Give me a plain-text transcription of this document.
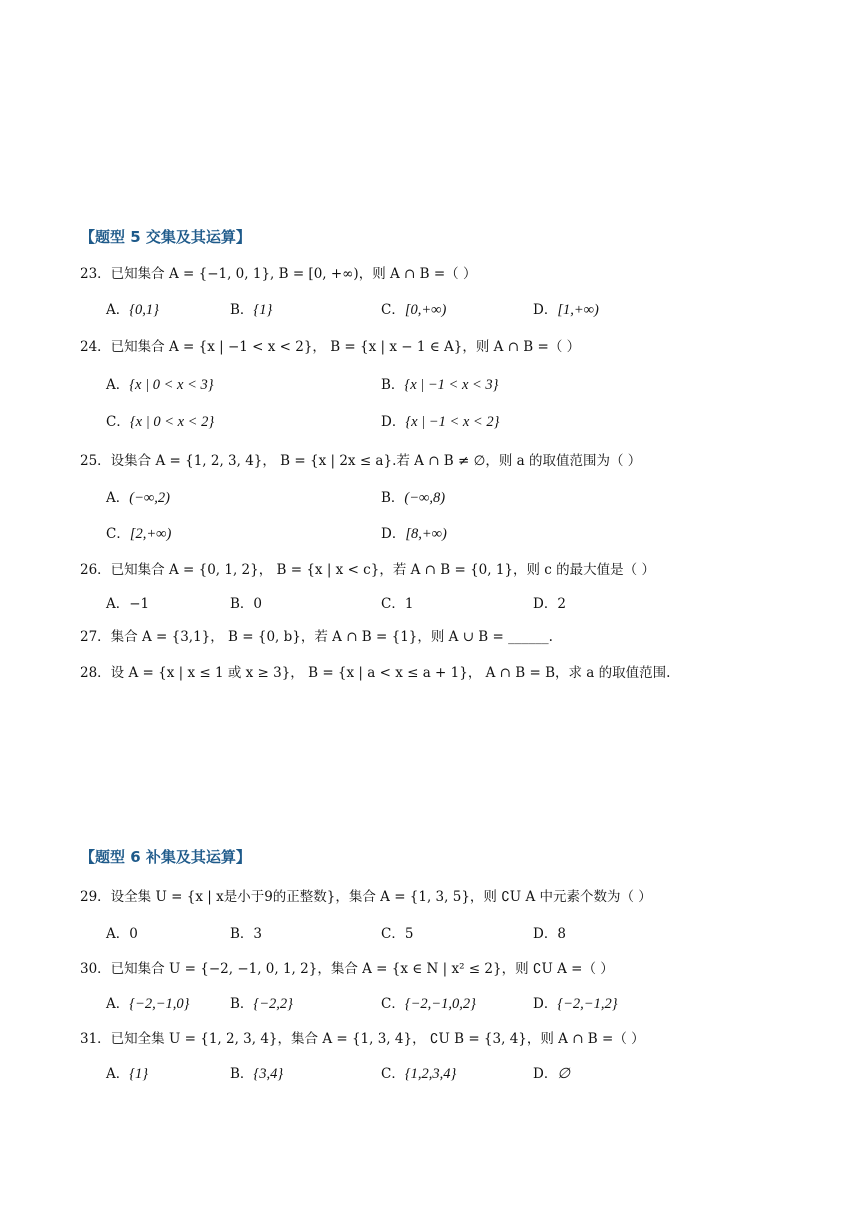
【题型 5 交集及其运算】
23．已知集合 A = {−1, 0, 1}, B = [0, +∞)，则 A ∩ B =（ ）
A．{0,1}	B．{1}	C．[0,+∞)	D．[1,+∞)
24．已知集合 A = {x | −1 < x < 2}， B = {x | x − 1 ∈ A}，则 A ∩ B =（ ）
A．{x | 0 < x < 3}	B．{x | −1 < x < 3}
C．{x | 0 < x < 2}	D．{x | −1 < x < 2}
25．设集合 A = {1, 2, 3, 4}， B = {x | 2x ≤ a}.若 A ∩ B ≠ ∅，则 a 的取值范围为（ ）
A．(−∞,2)	B．(−∞,8)
C．[2,+∞)	D．[8,+∞)
26．已知集合 A = {0, 1, 2}， B = {x | x < c}，若 A ∩ B = {0, 1}，则 c 的最大值是（ ）
A．−1	B．0	C．1	D．2
27．集合 A = {3,1}， B = {0, b}，若 A ∩ B = {1}，则 A ∪ B = ______.
28．设 A = {x | x ≤ 1 或 x ≥ 3}， B = {x | a < x ≤ a + 1}， A ∩ B = B，求 a 的取值范围.
【题型 6 补集及其运算】
29．设全集 U = {x | x是小于9的正整数}，集合 A = {1, 3, 5}，则 ∁U A 中元素个数为（ ）
A．0	B．3	C．5	D．8
30．已知集合 U = {−2, −1, 0, 1, 2}，集合 A = {x ∈ N | x² ≤ 2}，则 ∁U A =（ ）
A．{−2,−1,0}	B．{−2,2}	C．{−2,−1,0,2}	D．{−2,−1,2}
31．已知全集 U = {1, 2, 3, 4}，集合 A = {1, 3, 4}， ∁U B = {3, 4}，则 A ∩ B =（ ）
A．{1}	B．{3,4}	C．{1,2,3,4}	D．∅
